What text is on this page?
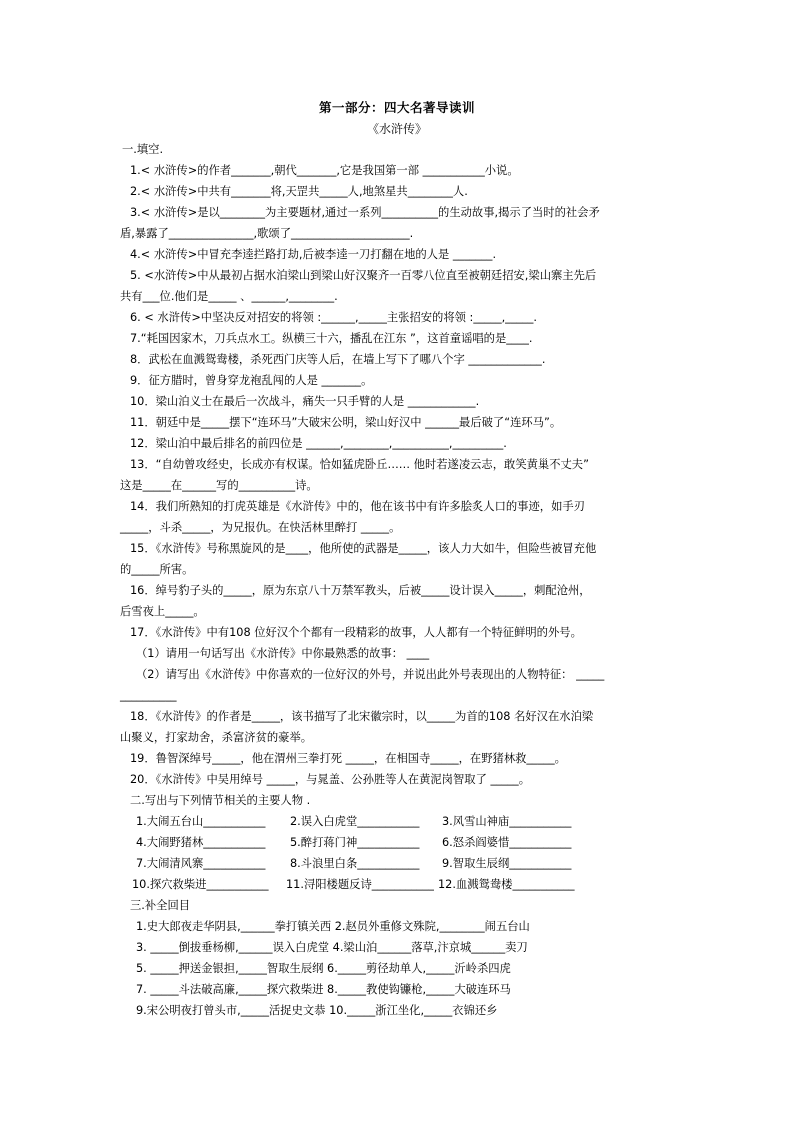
第一部分：四大名著导读训
《水浒传》
一.填空.
1.< 水浒传>的作者_______,朝代_______,它是我国第一部 ___________小说。
2.< 水浒传>中共有_______将,天罡共_____人,地煞星共________人.
3.< 水浒传>是以________为主要题材,通过一系列__________的生动故事,揭示了当时的社会矛
盾,暴露了_______________,歌颂了_____________________.
4.< 水浒传>中冒充李逵拦路打劫,后被李逵一刀打翻在地的人是 _______.
5. <水浒传>中从最初占据水泊梁山到梁山好汉聚齐一百零八位直至被朝廷招安,梁山寨主先后
共有___位.他们是_____ 、______,________.
6. < 水浒传>中坚决反对招安的将领 :______,_____主张招安的将领 :_____,_____.
7.“耗国因家木，刀兵点水工。纵横三十六，播乱在江东 ”，这首童谣唱的是____.
8．武松在血溅鸳鸯楼，杀死西门庆等人后，在墙上写下了哪八个字 _____________.
9．征方腊时，曾身穿龙袍乱闯的人是 _______。
10．梁山泊义士在最后一次战斗，痛失一只手臂的人是 ____________.
11．朝廷中是_____摆下“连环马”大破宋公明，梁山好汉中 ______最后破了“连环马”。
12．梁山泊中最后排名的前四位是 ______,________,__________,_________.
13．“自幼曾攻经史，长成亦有权谋。恰如猛虎卧丘…… 他时若遂凌云志，敢笑黄巢不丈夫”
这是_____在______写的__________诗。
14．我们所熟知的打虎英雄是《水浒传》中的，他在该书中有许多脍炙人口的事迹，如手刃
_____，斗杀_____，为兄报仇。在快活林里醉打 _____。
15．《水浒传》号称黑旋风的是____，他所使的武器是_____，该人力大如牛，但险些被冒充他
的_____所害。
16．绰号豹子头的_____，原为东京八十万禁军教头，后被_____设计误入_____，刺配沧州，
后雪夜上_____。
17．《水浒传》中有108 位好汉个个都有一段精彩的故事，人人都有一个特征鲜明的外号。
（1）请用一句话写出《水浒传》中你最熟悉的故事： ____
（2）请写出《水浒传》中你喜欢的一位好汉的外号，并说出此外号表现出的人物特征： _____
__________
18．《水浒传》的作者是_____，该书描写了北宋徽宗时，以_____为首的108 名好汉在水泊梁
山聚义，打家劫舍，杀富济贫的豪举。
19．鲁智深绰号_____，他在渭州三拳打死 _____，在相国寺_____，在野猪林救_____。
20．《水浒传》中吴用绰号 _____，与晁盖、公孙胜等人在黄泥岗智取了 _____。
二.写出与下列情节相关的主要人物 .
1.大闹五台山___________ 2.误入白虎堂___________ 3.风雪山神庙___________
4.大闹野猪林___________ 5.醉打蒋门神___________ 6.怒杀阎婆惜___________
7.大闹清风寨___________ 8.斗浪里白条___________ 9.智取生辰纲___________
10.探穴救柴进___________ 11.浔阳楼题反诗___________ 12.血溅鸳鸯楼___________
三.补全回目
1.史大郎夜走华阴县,______拳打镇关西 2.赵员外重修文殊院,________闹五台山
3. _____倒拔垂杨柳,______误入白虎堂 4.梁山泊______落草,汴京城______卖刀
5. _____押送金银担,_____智取生辰纲 6._____剪径劫单人,_____沂岭杀四虎
7. _____斗法破高廉,_____探穴救柴进 8._____教使钩镰枪,_____大破连环马
9.宋公明夜打曾头市,_____活捉史文恭 10._____浙江坐化,_____衣锦还乡
